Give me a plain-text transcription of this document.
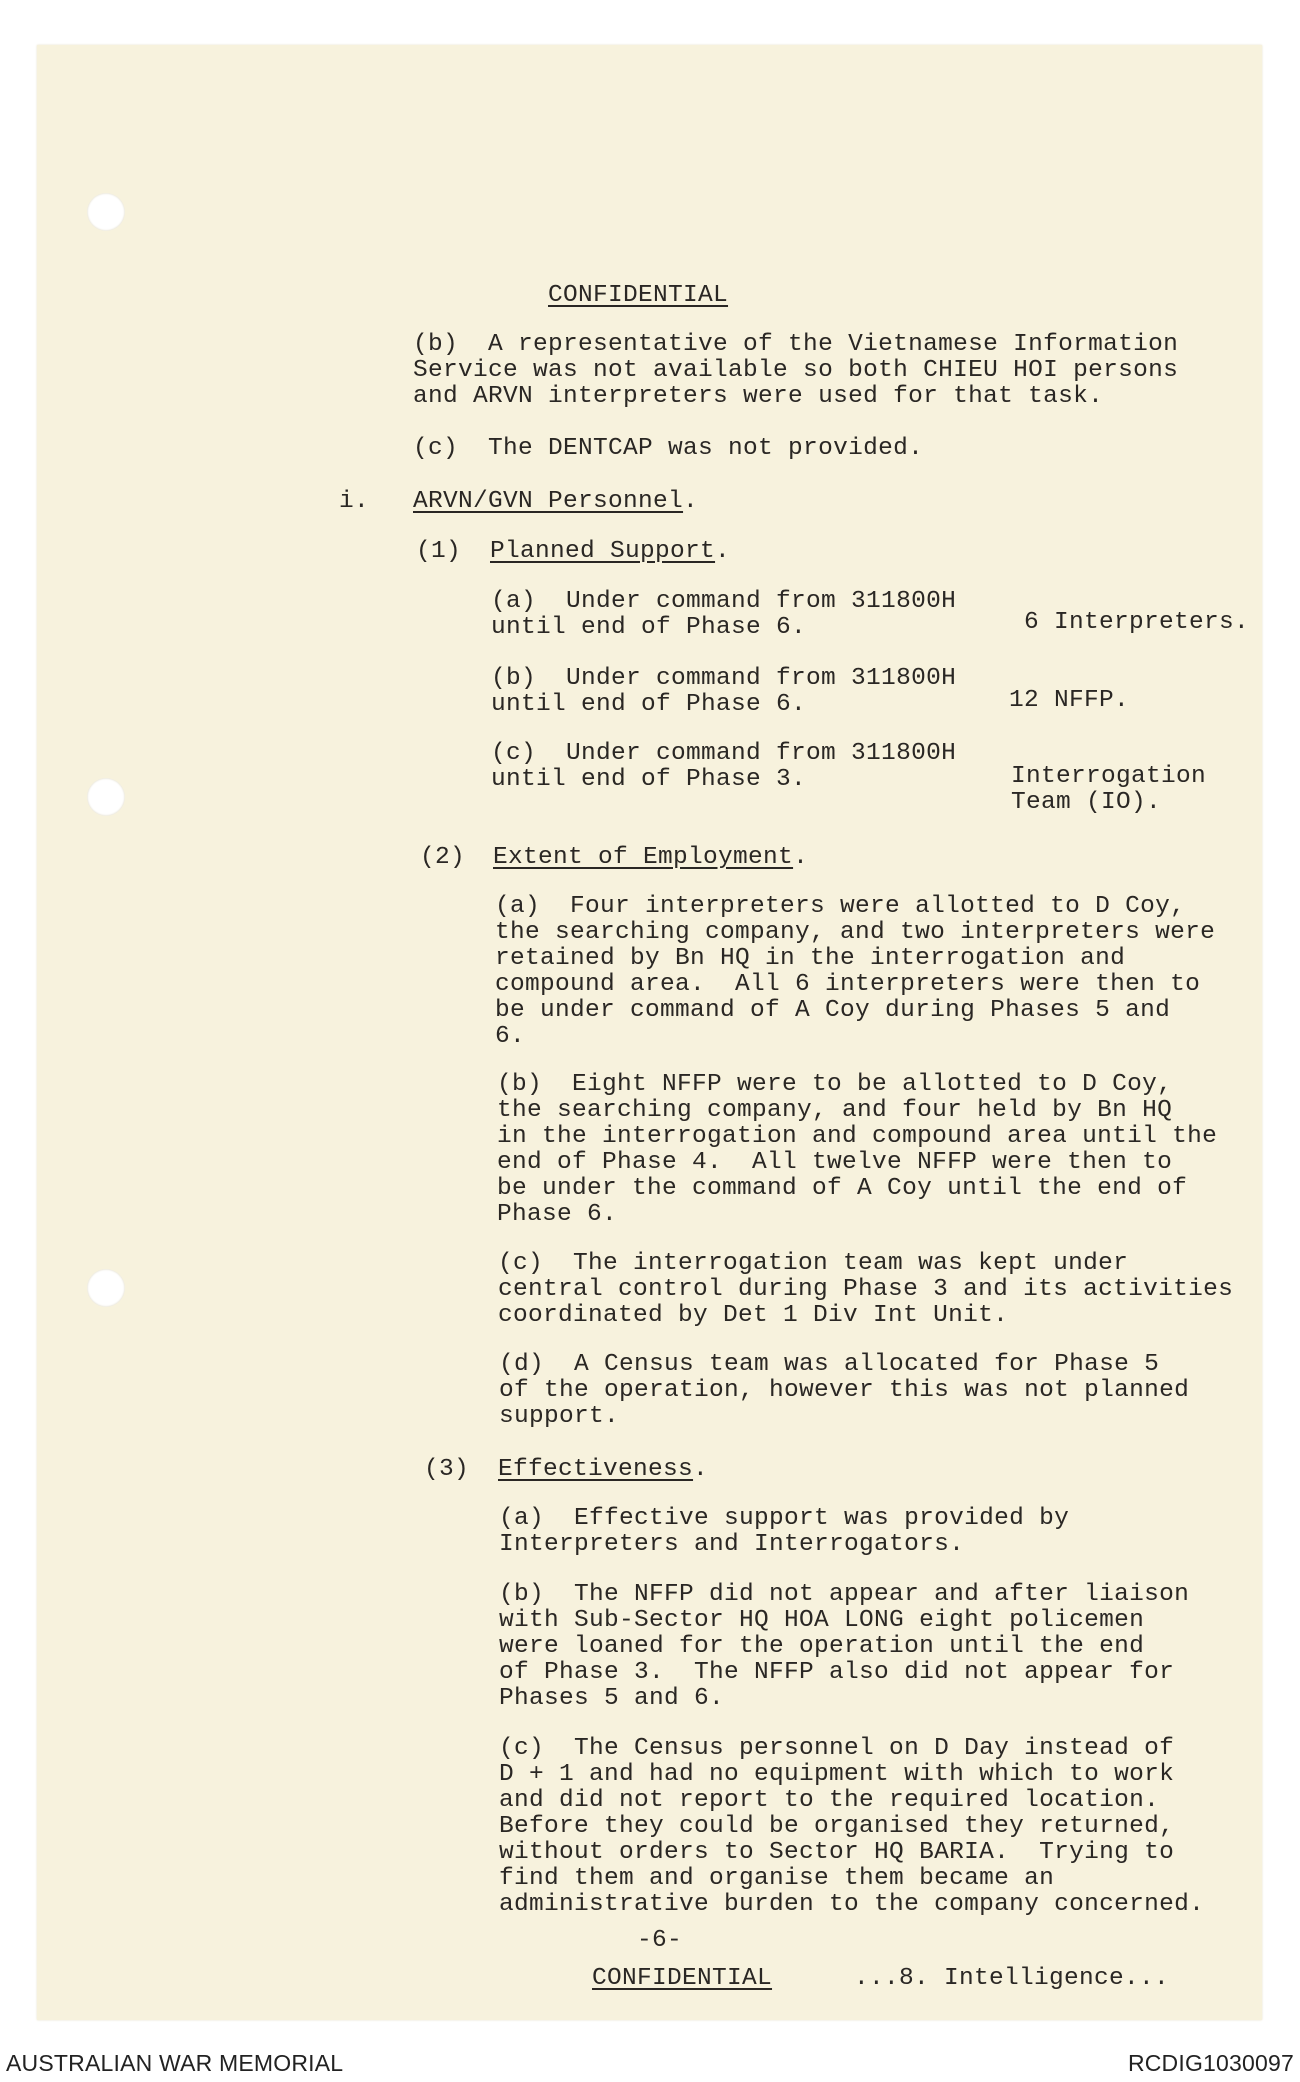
CONFIDENTIAL
(b)  A representative of the Vietnamese Information
Service was not available so both CHIEU HOI persons
and ARVN interpreters were used for that task.
(c)  The DENTCAP was not provided.
i. ARVN/GVN Personnel.
(1) Planned Support.
(a)  Under command from 311800H
until end of Phase 6.	6 Interpreters.
(b)  Under command from 311800H
until end of Phase 6.	12 NFFP.
(c)  Under command from 311800H
until end of Phase 3.	Interrogation
Team (IO).
(2) Extent of Employment.
(a)  Four interpreters were allotted to D Coy,
the searching company, and two interpreters were
retained by Bn HQ in the interrogation and
compound area.  All 6 interpreters were then to
be under command of A Coy during Phases 5 and
6.
(b)  Eight NFFP were to be allotted to D Coy,
the searching company, and four held by Bn HQ
in the interrogation and compound area until the
end of Phase 4.  All twelve NFFP were then to
be under the command of A Coy until the end of
Phase 6.
(c)  The interrogation team was kept under
central control during Phase 3 and its activities
coordinated by Det 1 Div Int Unit.
(d)  A Census team was allocated for Phase 5
of the operation, however this was not planned
support.
(3) Effectiveness.
(a)  Effective support was provided by
Interpreters and Interrogators.
(b)  The NFFP did not appear and after liaison
with Sub-Sector HQ HOA LONG eight policemen
were loaned for the operation until the end
of Phase 3.  The NFFP also did not appear for
Phases 5 and 6.
(c)  The Census personnel on D Day instead of
D + 1 and had no equipment with which to work
and did not report to the required location.
Before they could be organised they returned,
without orders to Sector HQ BARIA.  Trying to
find them and organise them became an
administrative burden to the company concerned.
-6-
CONFIDENTIAL	...8. Intelligence...
AUSTRALIAN WAR MEMORIAL	RCDIG1030097
